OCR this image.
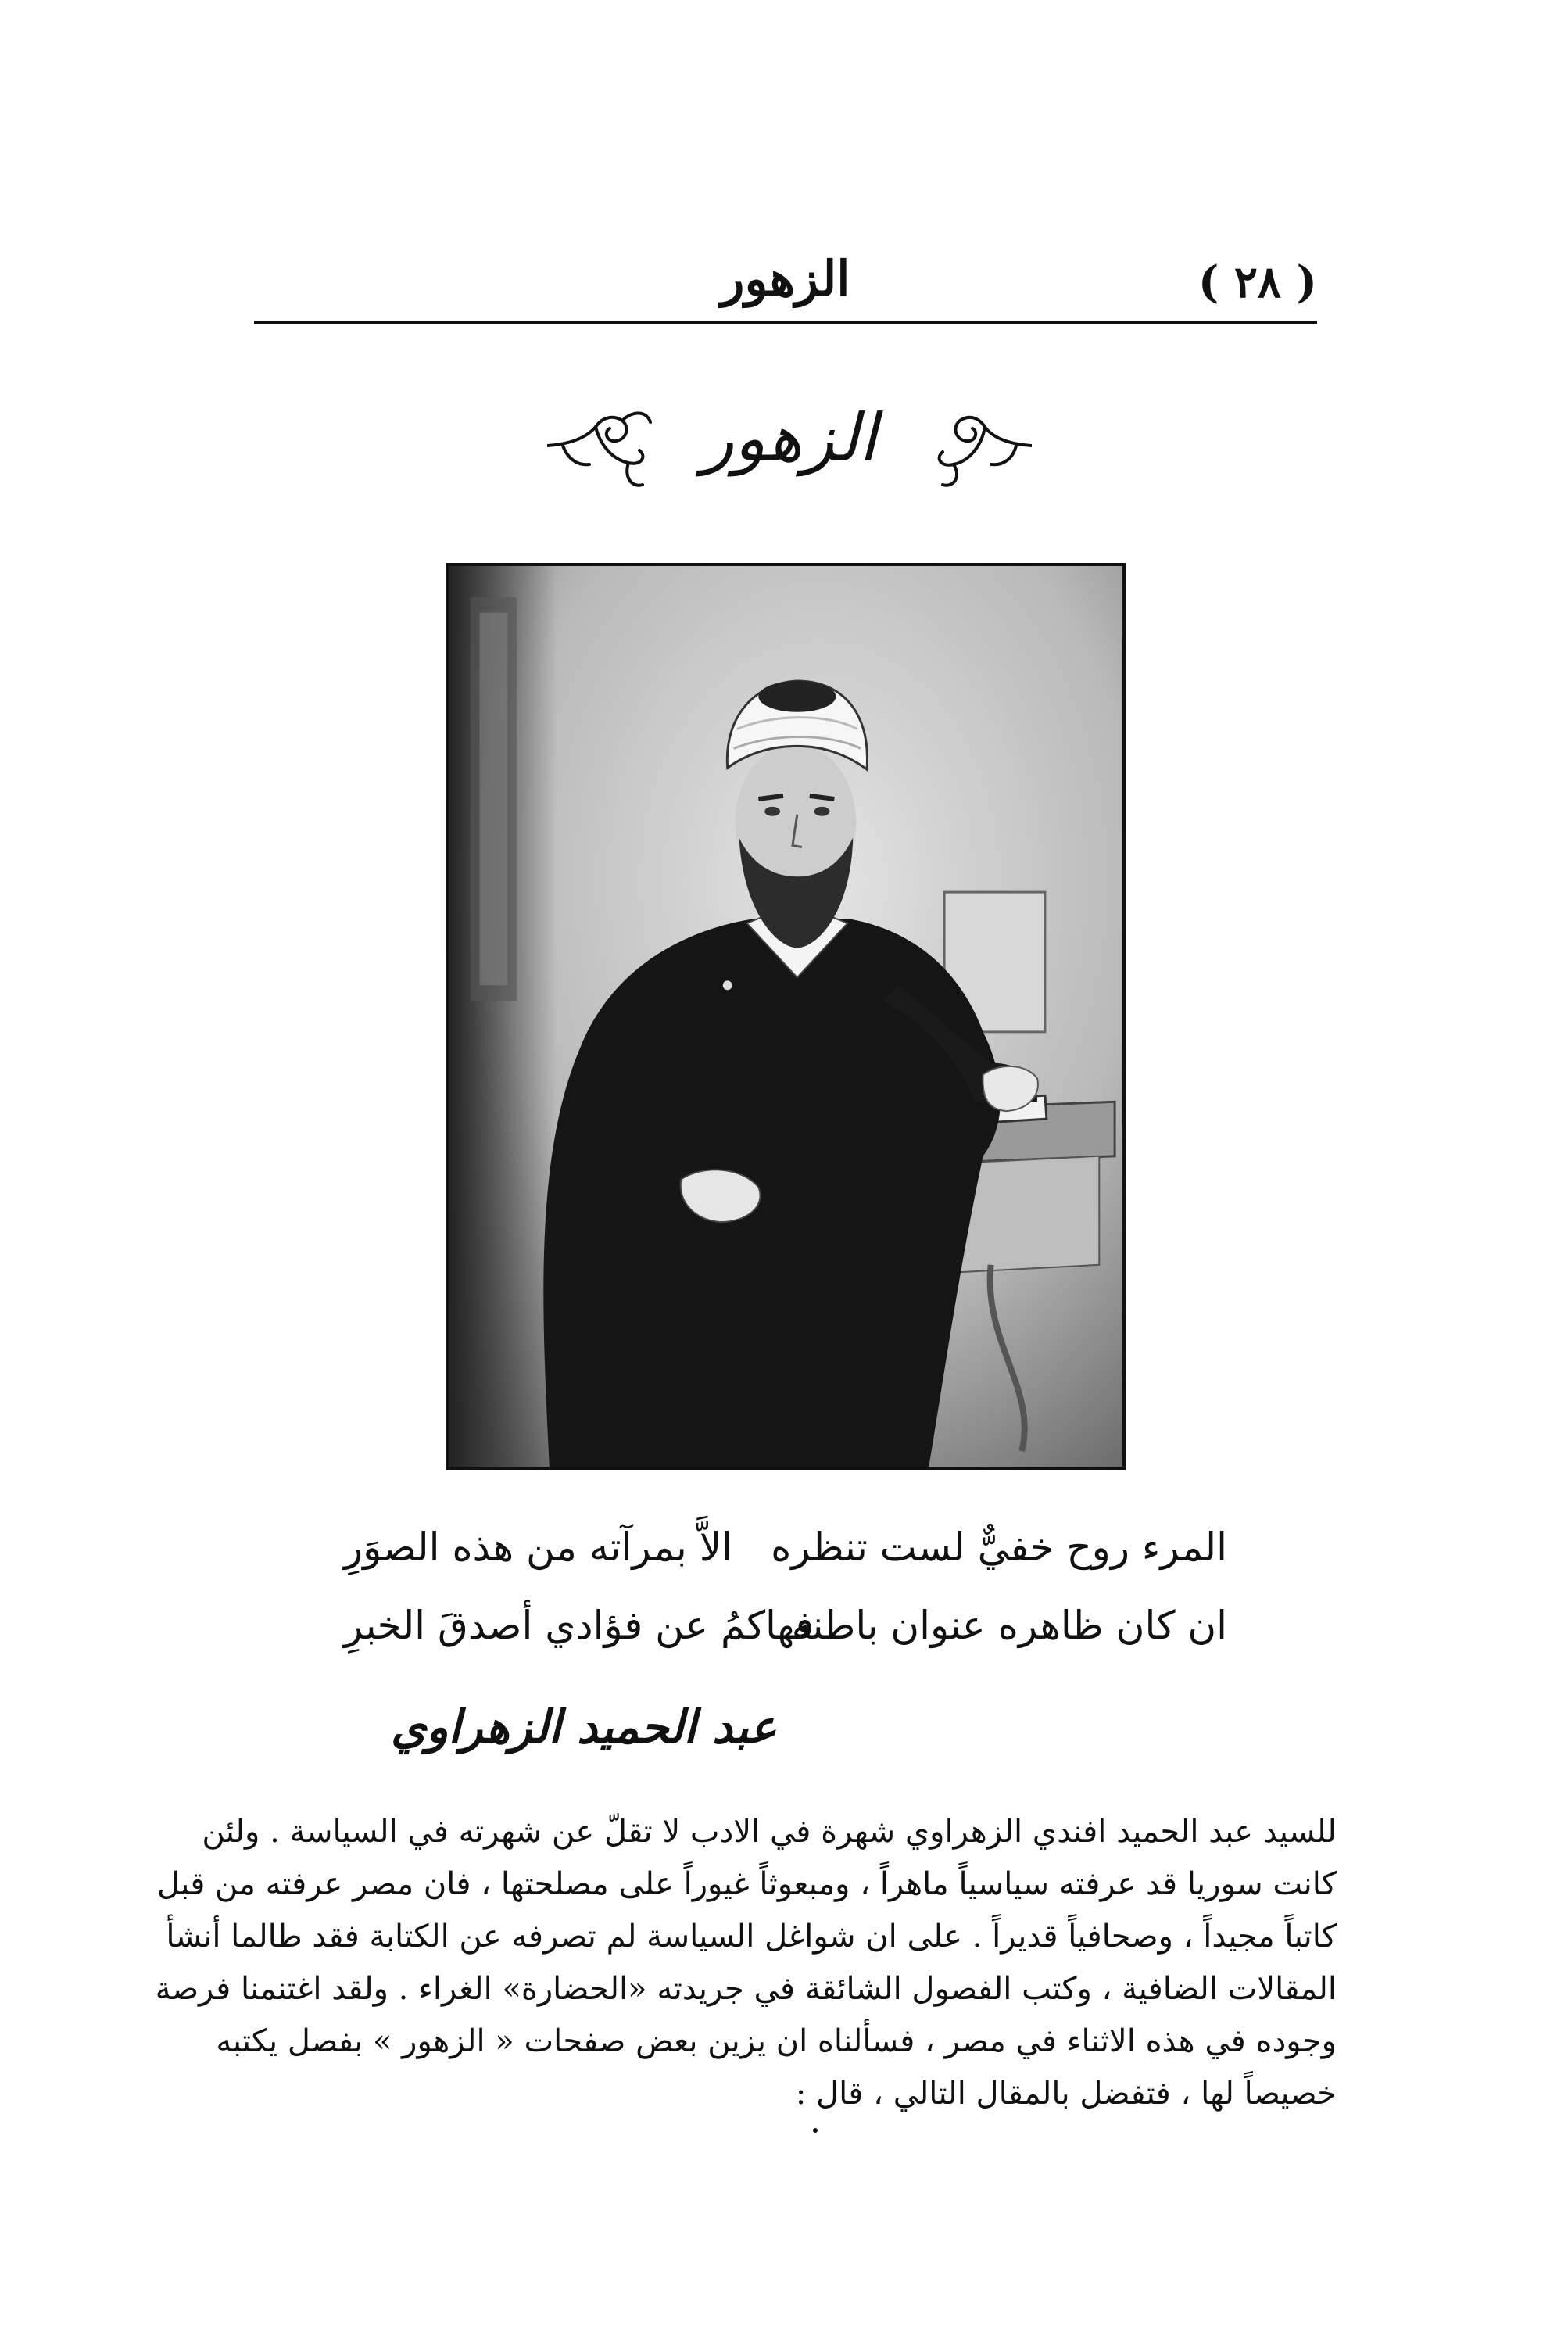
( ٢٨ )
الزهور
الزهور
المرء روح خفيٌّ لست تنظره
الاَّ بمرآته من هذه الصوَرِ
ان كان ظاهره عنوان باطنه
فهاكمُ عن فؤادي أصدقَ الخبرِ
عبد الحميد الزهراوي
للسيد عبد الحميد افندي الزهراوي شهرة في الادب لا تقلّ عن شهرته في السياسة . ولئن
كانت سوريا قد عرفته سياسياً ماهراً ، ومبعوثاً غيوراً على مصلحتها ، فان مصر عرفته من قبل
كاتباً مجيداً ، وصحافياً قديراً . على ان شواغل السياسة لم تصرفه عن الكتابة فقد طالما أنشأ
المقالات الضافية ، وكتب الفصول الشائقة في جريدته «الحضارة» الغراء . ولقد اغتنمنا فرصة
وجوده في هذه الاثناء في مصر ، فسألناه ان يزين بعض صفحات « الزهور » بفصل يكتبه
خصيصاً لها ، فتفضل بالمقال التالي ، قال :
